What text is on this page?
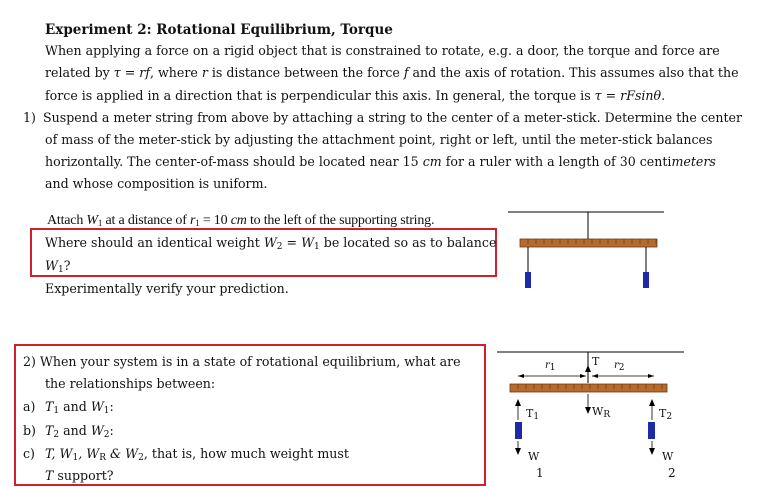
Experiment 2: Rotational Equilibrium, Torque
When applying a force on a rigid object that is constrained to rotate, e.g. a door, the torque and force are
related by τ = rf, where r is distance between the force f and the axis of rotation. This assumes also that the
force is applied in a direction that is perpendicular this axis. In general, the torque is τ = rFsinθ.
1) Suspend a meter string from above by attaching a string to the center of a meter-stick. Determine the center
of mass of the meter-stick by adjusting the attachment point, right or left, until the meter-stick balances
horizontally. The center-of-mass should be located near 15 cm for a ruler with a length of 30 centimeters
and whose composition is uniform.
Attach $W_1$ at a distance of $r_1 = 10$ cm to the left of the supporting string.
Where should an identical weight $W_2 = W_1$ be located so as to balance
$W_1$?
Experimentally verify your prediction.
2) When your system is in a state of rotational equilibrium, what are
the relationships between:
a) $T_1$ and $W_1$:
b) $T_2$ and $W_2$:
c) T, $W_1$, $W_R$ & $W_2$, that is, how much weight must
T support?
$r_1$	T $r_2$
$T_1$	$W_R$	$T_2$
W
1
W
2
